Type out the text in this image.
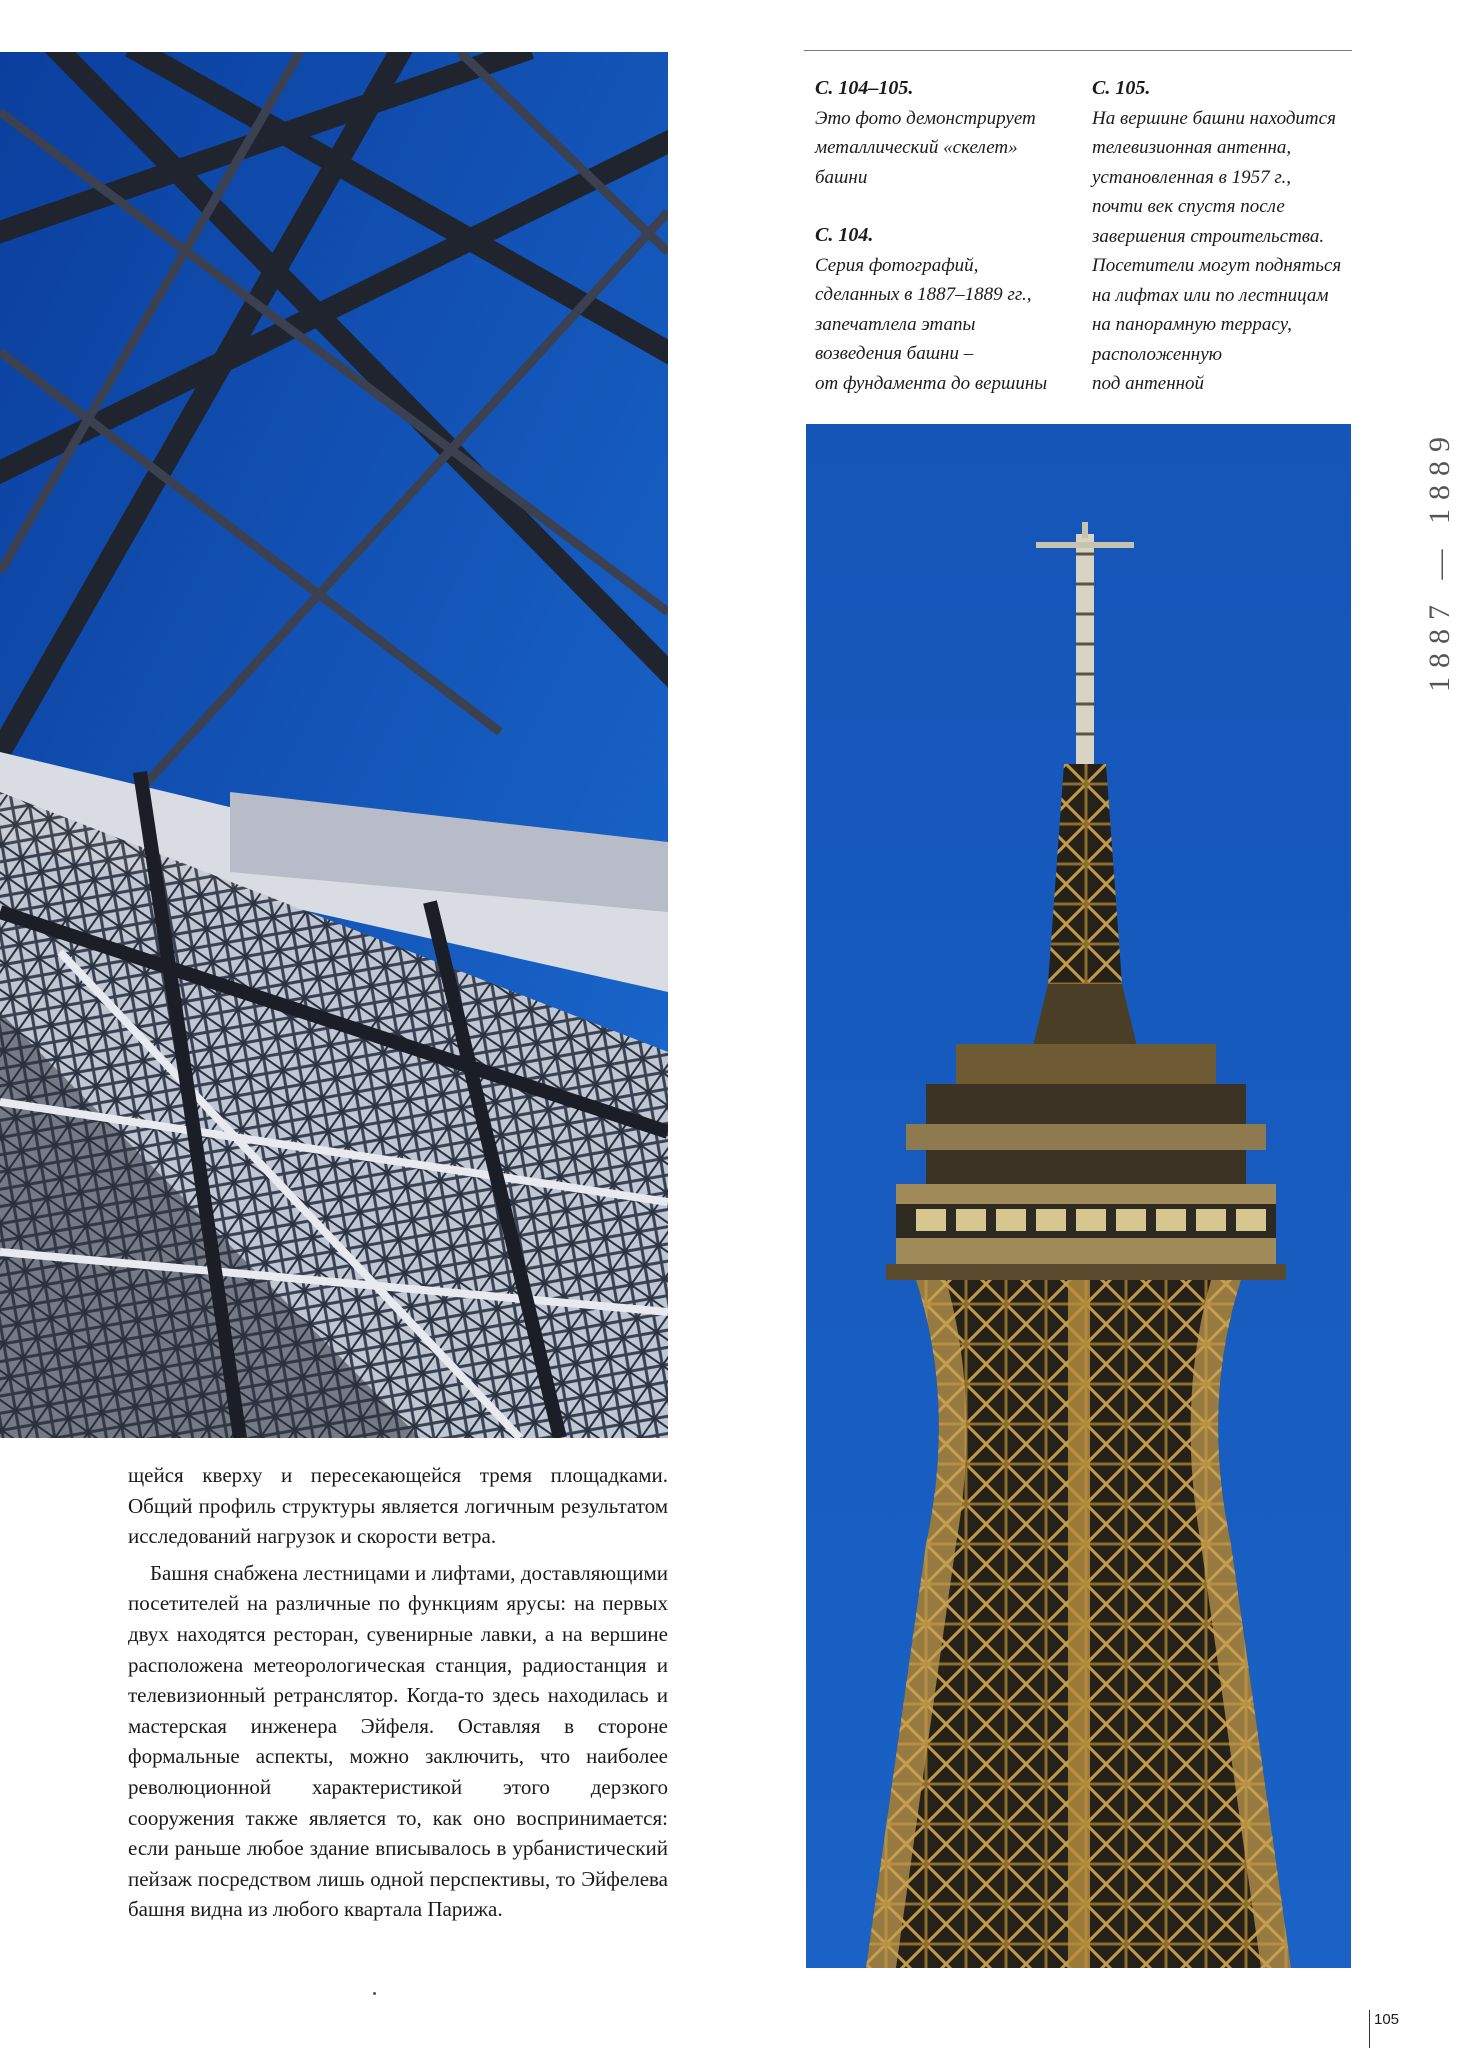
С. 104–105.
Это фото демонстрирует
металлический «скелет»
башни
С. 104.
Серия фотографий,
сделанных в 1887–1889 гг.,
запечатлела этапы
возведения башни –
от фундамента до вершины
С. 105.
На вершине башни находится
телевизионная антенна,
установленная в 1957 г.,
почти век спустя после
завершения строительства.
Посетители могут подняться
на лифтах или по лестницам
на панорамную террасу,
расположенную
под антенной

щейся кверху и пересекающейся тремя площадками. Общий профиль структуры является логичным результатом исследований нагрузок и скорости ветра.

Башня снабжена лестницами и лифтами, доставляющими посетителей на различные по функциям ярусы: на первых двух находятся ресторан, сувенирные лавки, а на вершине расположена метеорологическая станция, радиостанция и телевизионный ретранслятор. Когда-то здесь находилась и мастерская инженера Эйфеля. Оставляя в стороне формальные аспекты, можно заключить, что наиболее революционной характеристикой этого дерзкого сооружения также является то, как оно воспринимается: если раньше любое здание вписывалось в урбанистический пейзаж посредством лишь одной перспективы, то Эйфелева башня видна из любого квартала Парижа.

1887 — 1889
105
